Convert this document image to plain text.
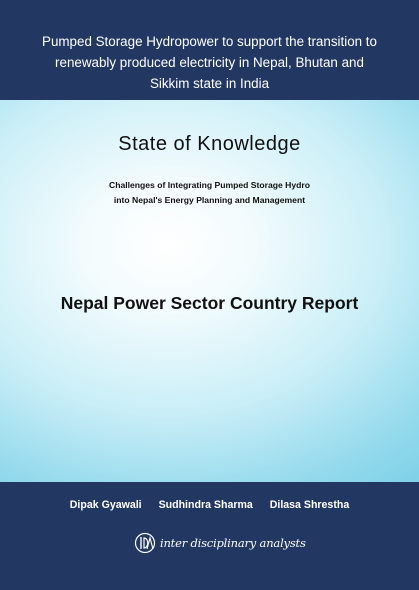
Pumped Storage Hydropower to support the transition to
renewably produced electricity in Nepal, Bhutan and
Sikkim state in India
State of Knowledge
Challenges of Integrating Pumped Storage Hydro
into Nepal's Energy Planning and Management
Nepal Power Sector Country Report
Dipak Gyawali Sudhindra Sharma Dilasa Shrestha
inter disciplinary analysts
